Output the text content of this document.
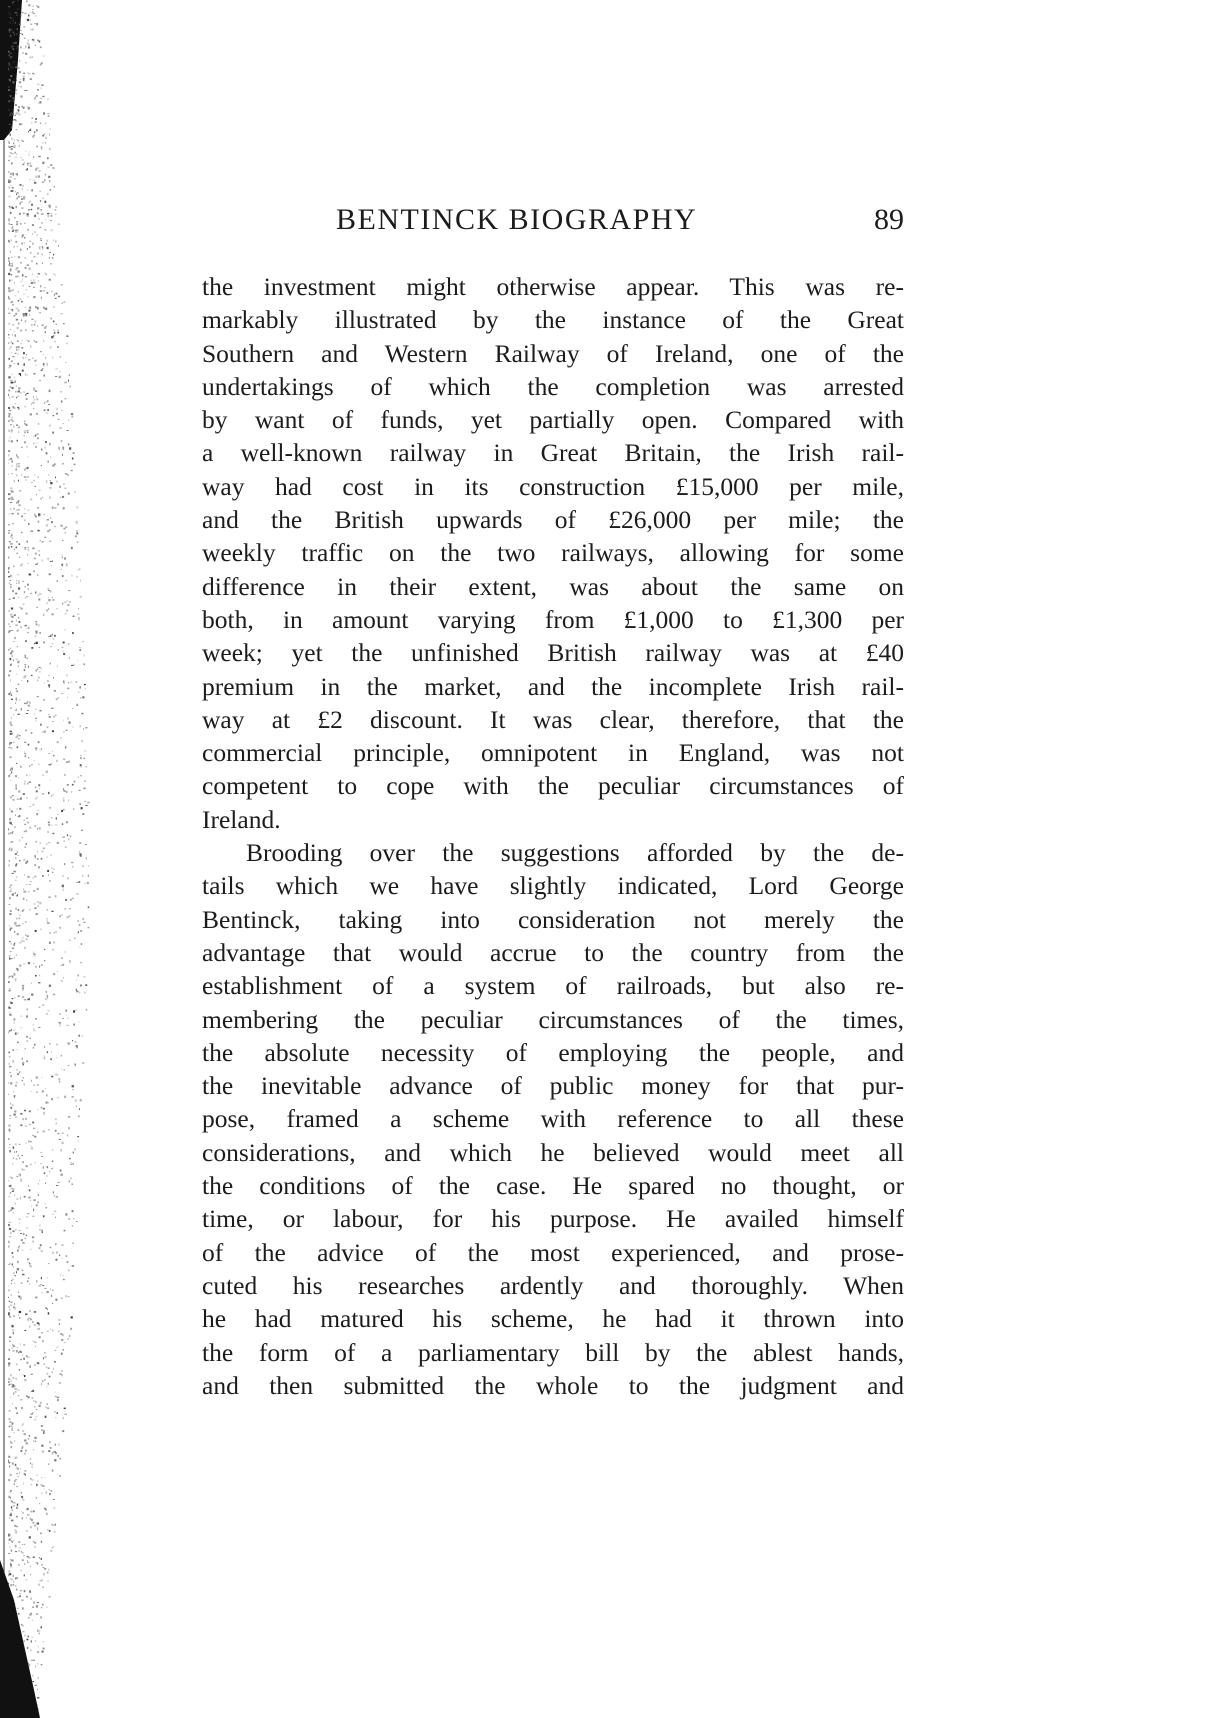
BENTINCK BIOGRAPHY	89
the investment might otherwise appear. This was re-
markably illustrated by the instance of the Great
Southern and Western Railway of Ireland, one of the
undertakings of which the completion was arrested
by want of funds, yet partially open. Compared with
a well-known railway in Great Britain, the Irish rail-
way had cost in its construction £15,000 per mile,
and the British upwards of £26,000 per mile; the
weekly traffic on the two railways, allowing for some
difference in their extent, was about the same on
both, in amount varying from £1,000 to £1,300 per
week; yet the unfinished British railway was at £40
premium in the market, and the incomplete Irish rail-
way at £2 discount. It was clear, therefore, that the
commercial principle, omnipotent in England, was not
competent to cope with the peculiar circumstances of
Ireland.
Brooding over the suggestions afforded by the de-
tails which we have slightly indicated, Lord George
Bentinck, taking into consideration not merely the
advantage that would accrue to the country from the
establishment of a system of railroads, but also re-
membering the peculiar circumstances of the times,
the absolute necessity of employing the people, and
the inevitable advance of public money for that pur-
pose, framed a scheme with reference to all these
considerations, and which he believed would meet all
the conditions of the case. He spared no thought, or
time, or labour, for his purpose. He availed himself
of the advice of the most experienced, and prose-
cuted his researches ardently and thoroughly. When
he had matured his scheme, he had it thrown into
the form of a parliamentary bill by the ablest hands,
and then submitted the whole to the judgment and
